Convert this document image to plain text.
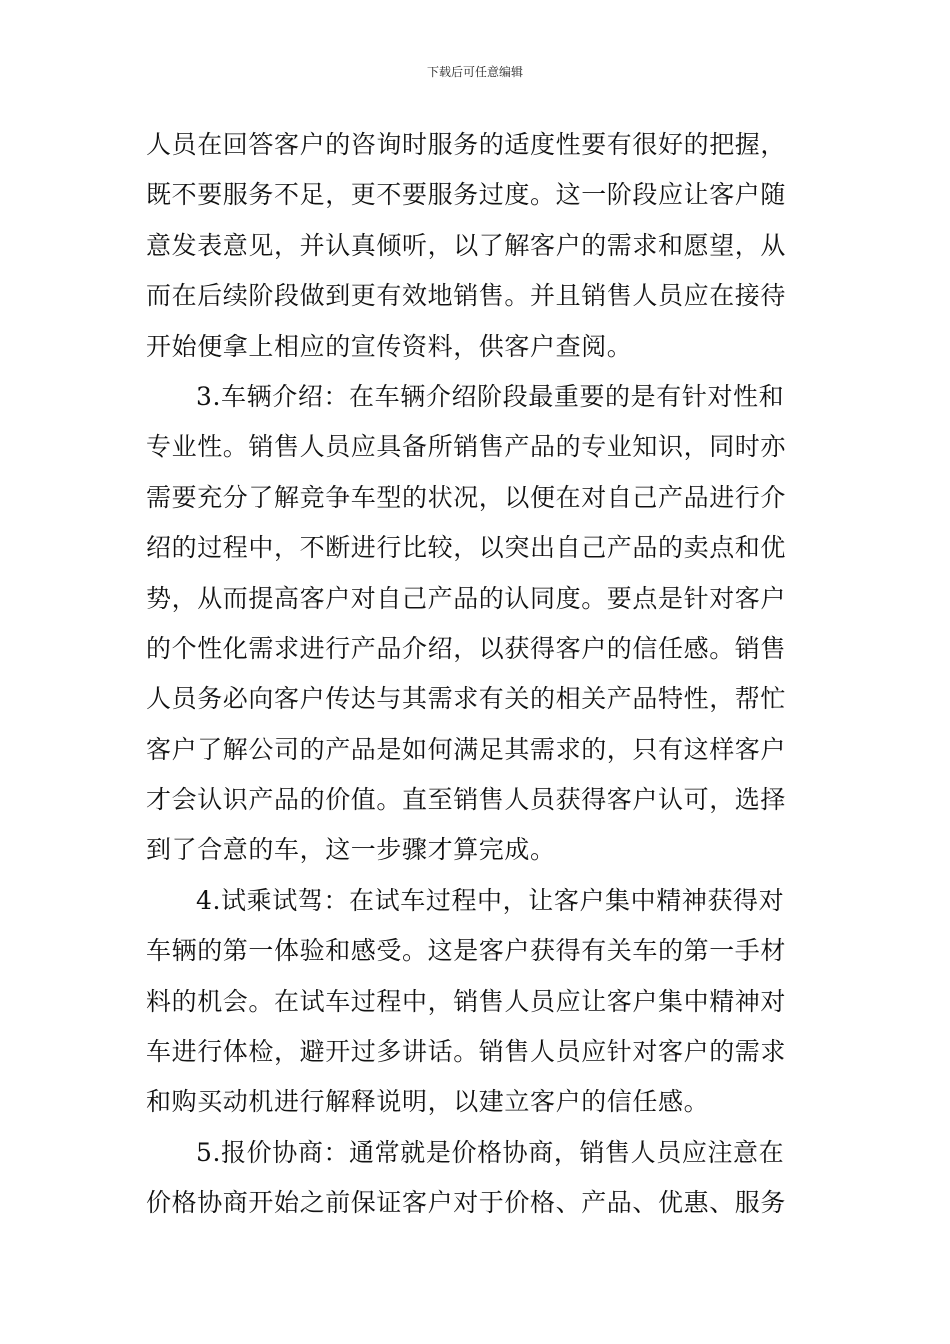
下载后可任意编辑
人员在回答客户的咨询时服务的适度性要有很好的把握，
既不要服务不足，更不要服务过度。这一阶段应让客户随
意发表意见，并认真倾听，以了解客户的需求和愿望，从
而在后续阶段做到更有效地销售。并且销售人员应在接待
开始便拿上相应的宣传资料，供客户查阅。
3.车辆介绍：在车辆介绍阶段最重要的是有针对性和
专业性。销售人员应具备所销售产品的专业知识，同时亦
需要充分了解竞争车型的状况，以便在对自己产品进行介
绍的过程中，不断进行比较，以突出自己产品的卖点和优
势，从而提高客户对自己产品的认同度。要点是针对客户
的个性化需求进行产品介绍，以获得客户的信任感。销售
人员务必向客户传达与其需求有关的相关产品特性，帮忙
客户了解公司的产品是如何满足其需求的，只有这样客户
才会认识产品的价值。直至销售人员获得客户认可，选择
到了合意的车，这一步骤才算完成。
4.试乘试驾：在试车过程中，让客户集中精神获得对
车辆的第一体验和感受。这是客户获得有关车的第一手材
料的机会。在试车过程中，销售人员应让客户集中精神对
车进行体检，避开过多讲话。销售人员应针对客户的需求
和购买动机进行解释说明，以建立客户的信任感。
5.报价协商：通常就是价格协商，销售人员应注意在
价格协商开始之前保证客户对于价格、产品、优惠、服务
